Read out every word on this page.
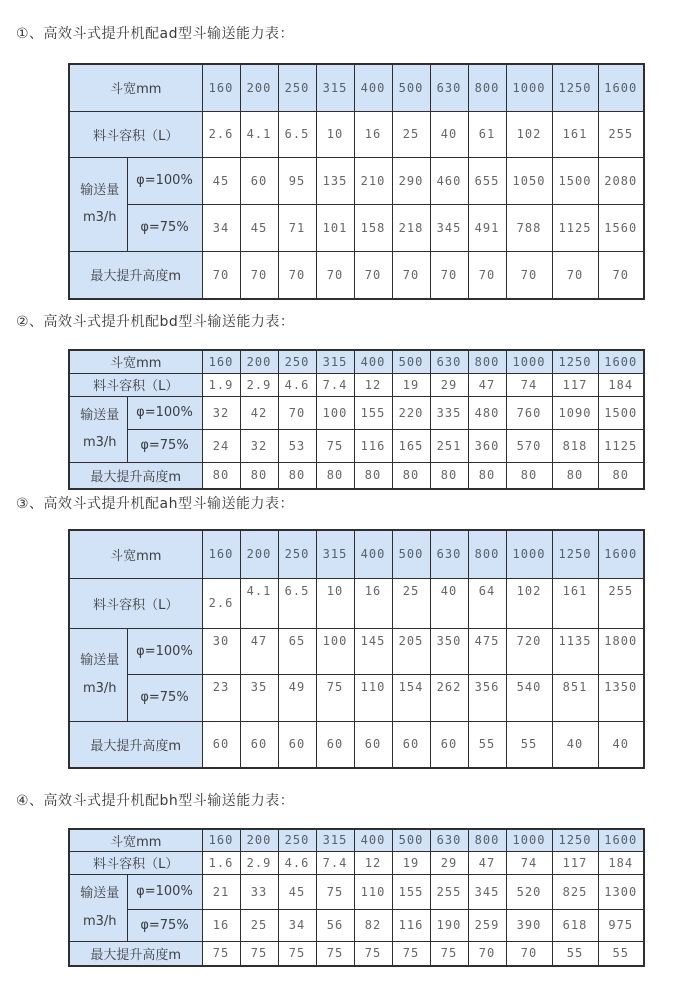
①、高效斗式提升机配ad型斗输送能力表：
斗宽mm		160	200	250	315	400	500	630	800	1000	1250	1600
料斗容积（L）		2.6	4.1	6.5	10	16	25	40	61	102	161	255
输送量
m3/h	φ=100%	45	60	95	135	210	290	460	655	1050	1500	2080
	φ=75%	34	45	71	101	158	218	345	491	788	1125	1560
最大提升高度m		70	70	70	70	70	70	70	70	70	70	70
②、高效斗式提升机配bd型斗输送能力表：
斗宽mm		160	200	250	315	400	500	630	800	1000	1250	1600
料斗容积（L）		1.9	2.9	4.6	7.4	12	19	29	47	74	117	184
输送量
m3/h	φ=100%	32	42	70	100	155	220	335	480	760	1090	1500
	φ=75%	24	32	53	75	116	165	251	360	570	818	1125
最大提升高度m		80	80	80	80	80	80	80	80	80	80	80
③、高效斗式提升机配ah型斗输送能力表：
斗宽mm		160	200	250	315	400	500	630	800	1000	1250	1600
料斗容积（L）		2.6	4.1	6.5	10	16	25	40	64	102	161	255
输送量
m3/h	φ=100%	30	47	65	100	145	205	350	475	720	1135	1800
	φ=75%	23	35	49	75	110	154	262	356	540	851	1350
最大提升高度m		60	60	60	60	60	60	60	55	55	40	40
④、高效斗式提升机配bh型斗输送能力表：
斗宽mm		160	200	250	315	400	500	630	800	1000	1250	1600
料斗容积（L）		1.6	2.9	4.6	7.4	12	19	29	47	74	117	184
输送量
m3/h	φ=100%	21	33	45	75	110	155	255	345	520	825	1300
	φ=75%	16	25	34	56	82	116	190	259	390	618	975
最大提升高度m		75	75	75	75	75	75	75	70	70	55	55
